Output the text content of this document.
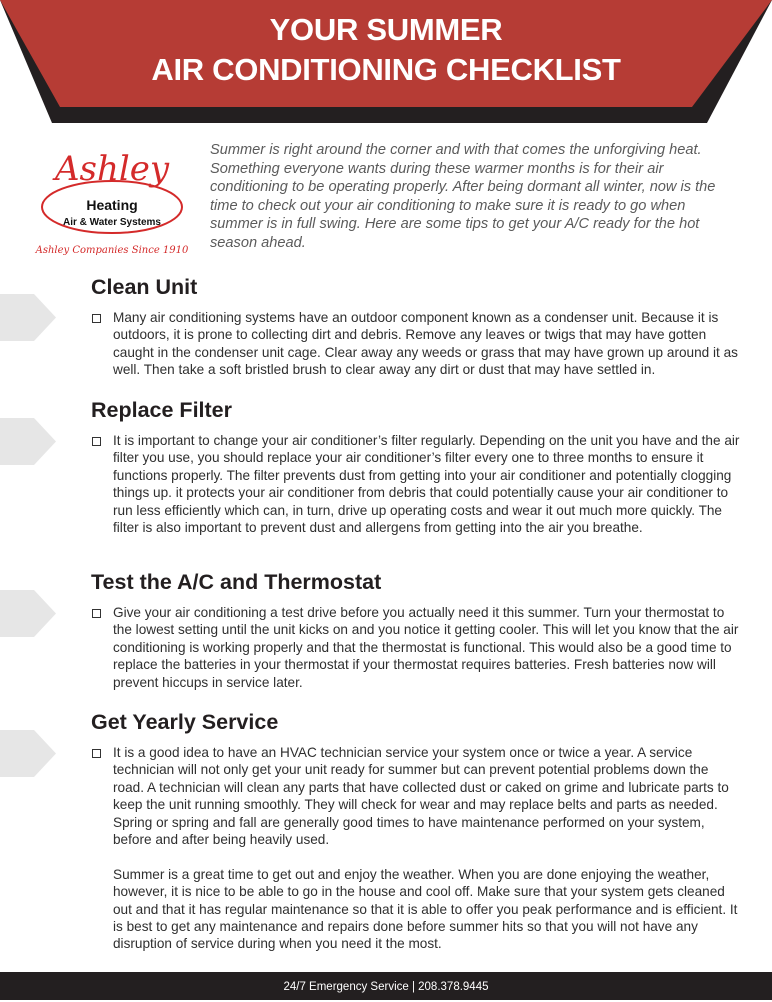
YOUR SUMMER
AIR CONDITIONING CHECKLIST
Ashley
Heating
Air & Water Systems
Ashley Companies Since 1910
Summer is right around the corner and with that comes the unforgiving heat. Something everyone wants during these warmer months is for their air conditioning to be operating properly. After being dormant all winter, now is the time to check out your air conditioning to make sure it is ready to go when summer is in full swing. Here are some tips to get your A/C ready for the hot season ahead.
Clean Unit

Many air conditioning systems have an outdoor component known as a condenser unit. Because it is outdoors, it is prone to collecting dirt and debris. Remove any leaves or twigs that may have gotten caught in the condenser unit cage. Clear away any weeds or grass that may have grown up around it as well. Then take a soft bristled brush to clear away any dirt or dust that may have settled in.

Replace Filter

It is important to change your air conditioner’s filter regularly. Depending on the unit you have and the air filter you use, you should replace your air conditioner’s filter every one to three months to ensure it functions properly. The filter prevents dust from getting into your air conditioner and potentially clogging things up. it protects your air conditioner from debris that could potentially cause your air conditioner to run less efficiently which can, in turn, drive up operating costs and wear it out much more quickly. The filter is also important to prevent dust and allergens from getting into the air you breathe.

Test the A/C and Thermostat

Give your air conditioning a test drive before you actually need it this summer. Turn your thermostat to the lowest setting until the unit kicks on and you notice it getting cooler. This will let you know that the air conditioning is working properly and that the thermostat is functional. This would also be a good time to replace the batteries in your thermostat if your thermostat requires batteries. Fresh batteries now will prevent hiccups in service later.

Get Yearly Service

It is a good idea to have an HVAC technician service your system once or twice a year. A service technician will not only get your unit ready for summer but can prevent potential problems down the road. A technician will clean any parts that have collected dust or caked on grime and lubricate parts to keep the unit running smoothly. They will check for wear and may replace belts and parts as needed. Spring or spring and fall are generally good times to have maintenance performed on your system, before and after being heavily used.

Summer is a great time to get out and enjoy the weather. When you are done enjoying the weather, however, it is nice to be able to go in the house and cool off. Make sure that your system gets cleaned out and that it has regular maintenance so that it is able to offer you peak performance and is efficient. It is best to get any maintenance and repairs done before summer hits so that you will not have any disruption of service during when you need it the most.

24/7 Emergency Service | 208.378.9445
